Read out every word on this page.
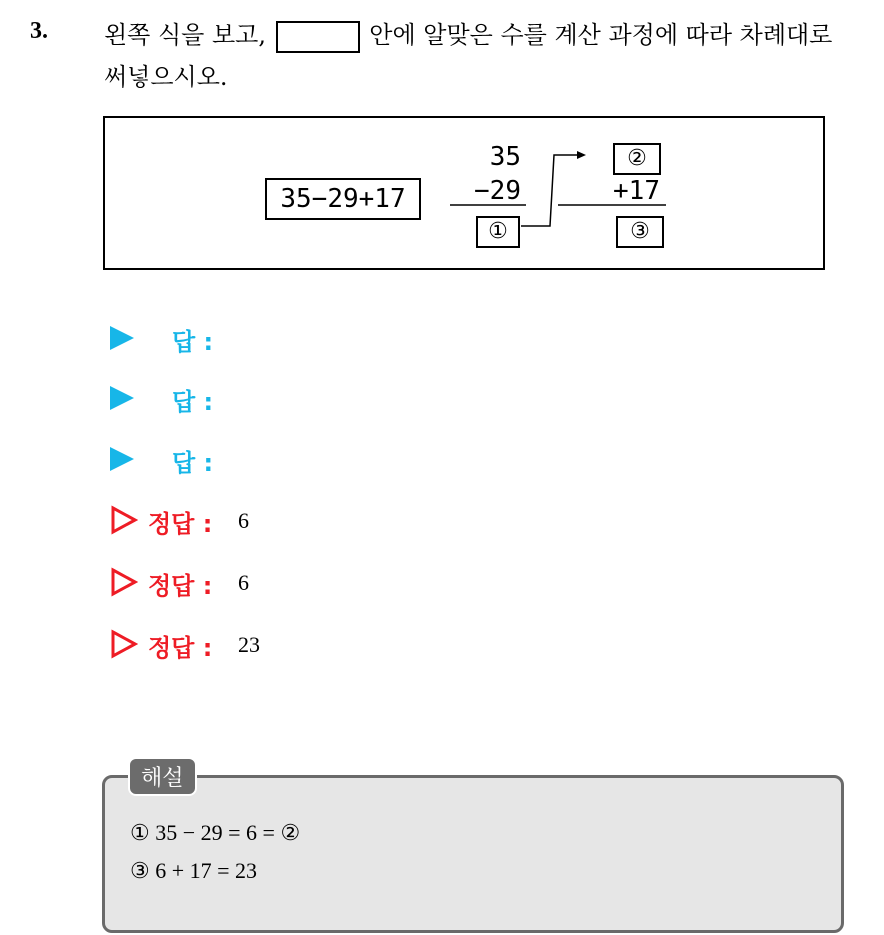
3. 왼쪽 식을 보고,	안에 알맞은 수를 계산 과정에 따라 차례대로
써넣으시오.
35−29+17
35
−29
①
②
+17
③
답 :
답 :
답 :
정답 : 6
정답 : 6
정답 : 23
해설
① 35 − 29 = 6 = ②
③ 6 + 17 = 23
